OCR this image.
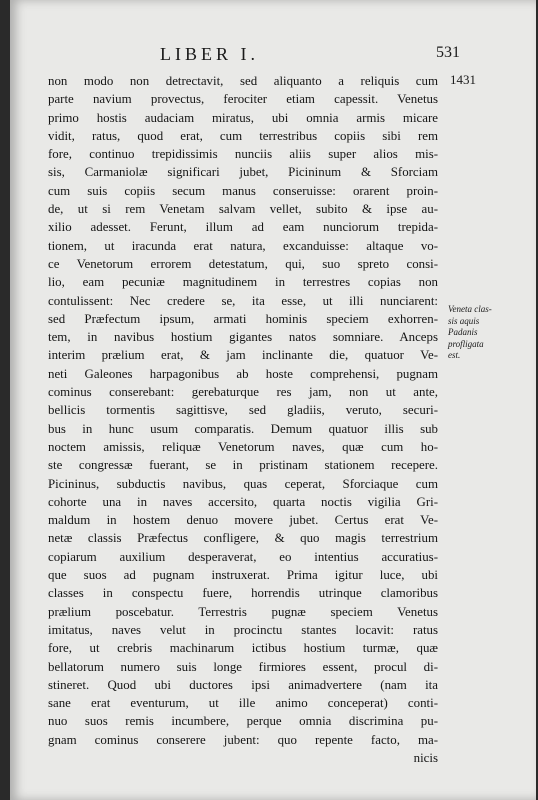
LIBER I.	531
1431
non modo non detrectavit, sed aliquanto a reliquis cum
parte navium provectus, ferociter etiam capessit. Venetus
primo hostis audaciam miratus, ubi omnia armis micare
vidit, ratus, quod erat, cum terrestribus copiis sibi rem
fore, continuo trepidissimis nunciis aliis super alios mis-
sis, Carmaniolæ significari jubet, Picininum & Sforciam
cum suis copiis secum manus conseruisse: orarent proin-
de, ut si rem Venetam salvam vellet, subito & ipse au-
xilio adesset. Ferunt, illum ad eam nunciorum trepida-
tionem, ut iracunda erat natura, excanduisse: altaque vo-
ce Venetorum errorem detestatum, qui, suo spreto consi-
lio, eam pecuniæ magnitudinem in terrestres copias non
contulissent: Nec credere se, ita esse, ut illi nunciarent:
sed Præfectum ipsum, armati hominis speciem exhorren-
tem, in navibus hostium gigantes natos somniare. Anceps
interim prælium erat, & jam inclinante die, quatuor Ve-
neti Galeones harpagonibus ab hoste comprehensi, pugnam
cominus conserebant: gerebaturque res jam, non ut ante,
bellicis tormentis sagittisve, sed gladiis, veruto, securi-
bus in hunc usum comparatis. Demum quatuor illis sub
noctem amissis, reliquæ Venetorum naves, quæ cum ho-
ste congressæ fuerant, se in pristinam stationem recepere.
Picininus, subductis navibus, quas ceperat, Sforciaque cum
cohorte una in naves accersito, quarta noctis vigilia Gri-
maldum in hostem denuo movere jubet. Certus erat Ve-
netæ classis Præfectus confligere, & quo magis terrestrium
copiarum auxilium desperaverat, eo intentius accuratius-
que suos ad pugnam instruxerat. Prima igitur luce, ubi
classes in conspectu fuere, horrendis utrinque clamoribus
prælium poscebatur. Terrestris pugnæ speciem Venetus
imitatus, naves velut in procinctu stantes locavit: ratus
fore, ut crebris machinarum ictibus hostium turmæ, quæ
bellatorum numero suis longe firmiores essent, procul di-
stineret. Quod ubi ductores ipsi animadvertere (nam ita
sane erat eventurum, ut ille animo conceperat) conti-
nuo suos remis incumbere, perque omnia discrimina pu-
gnam cominus conserere jubent: quo repente facto, ma-
nicis
Veneta clas-
sis aquis
Padanis
profligata
est.
